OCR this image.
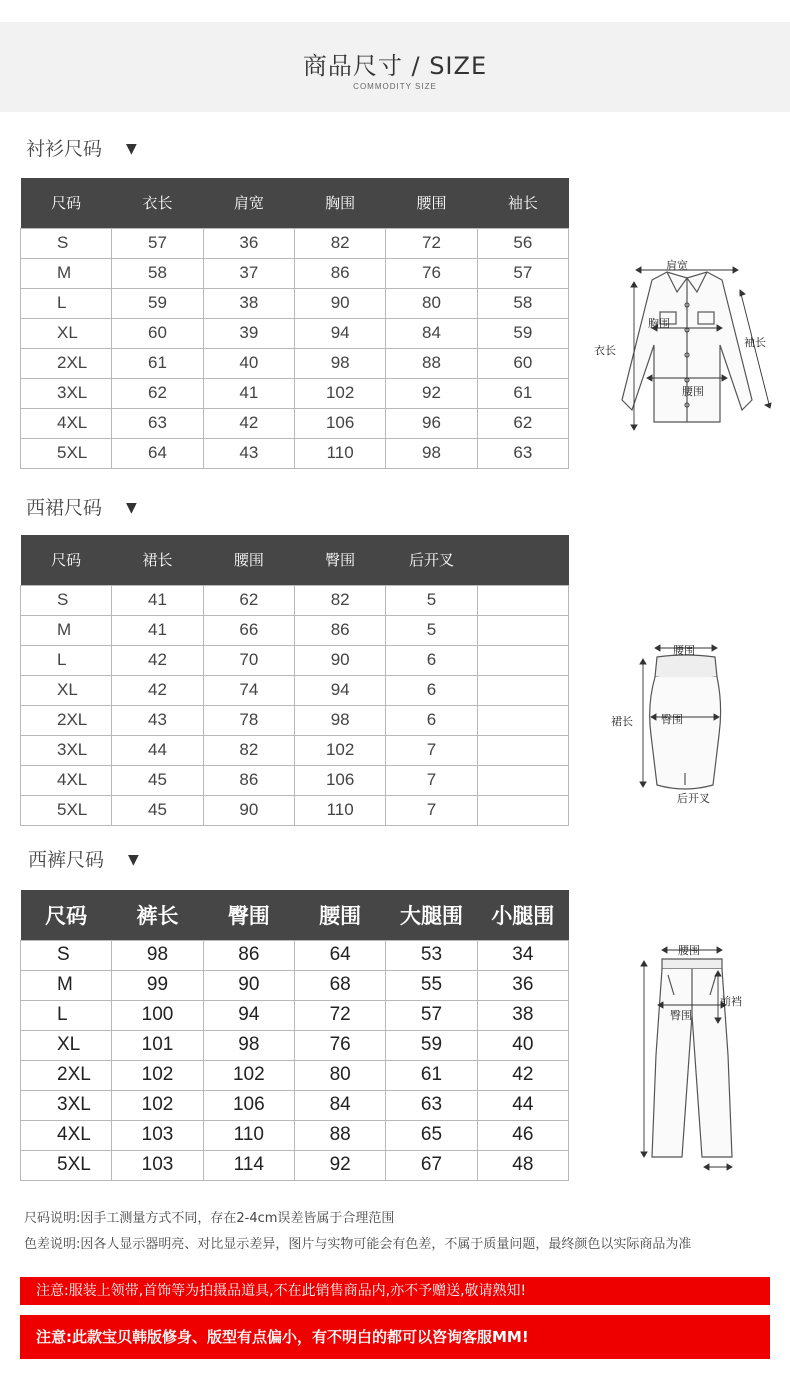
商品尺寸 / SIZE
COMMODITY SIZE
衬衫尺码 ▼
尺码	衣长	肩宽	胸围	腰围	袖长
S	57	36	82	72	56
M	58	37	86	76	57
L	59	38	90	80	58
XL	60	39	94	84	59
2XL	61	40	98	88	60
3XL	62	41	102	92	61
4XL	63	42	106	96	62
5XL	64	43	110	98	63
肩宽
胸围
衣长
袖长
腰围
西裙尺码 ▼
尺码	裙长	腰围	臀围	后开叉	
S	41	62	82	5	
M	41	66	86	5	
L	42	70	90	6	
XL	42	74	94	6	
2XL	43	78	98	6	
3XL	44	82	102	7	
4XL	45	86	106	7	
5XL	45	90	110	7	
腰围
裙长	臀围
后开叉
西裤尺码 ▼
尺码	裤长	臀围	腰围	大腿围	小腿围
S	98	86	64	53	34
M	99	90	68	55	36
L	100	94	72	57	38
XL	101	98	76	59	40
2XL	102	102	80	61	42
3XL	102	106	84	63	44
4XL	103	110	88	65	46
5XL	103	114	92	67	48
腰围
前裆
臀围
尺码说明:因手工测量方式不同，存在2-4cm误差皆属于合理范围
色差说明:因各人显示器明亮、对比显示差异，图片与实物可能会有色差，不属于质量问题，最终颜色以实际商品为准
注意:服装上领带,首饰等为拍摄品道具,不在此销售商品内,亦不予赠送,敬请熟知!
注意:此款宝贝韩版修身、版型有点偏小，有不明白的都可以咨询客服MM!
